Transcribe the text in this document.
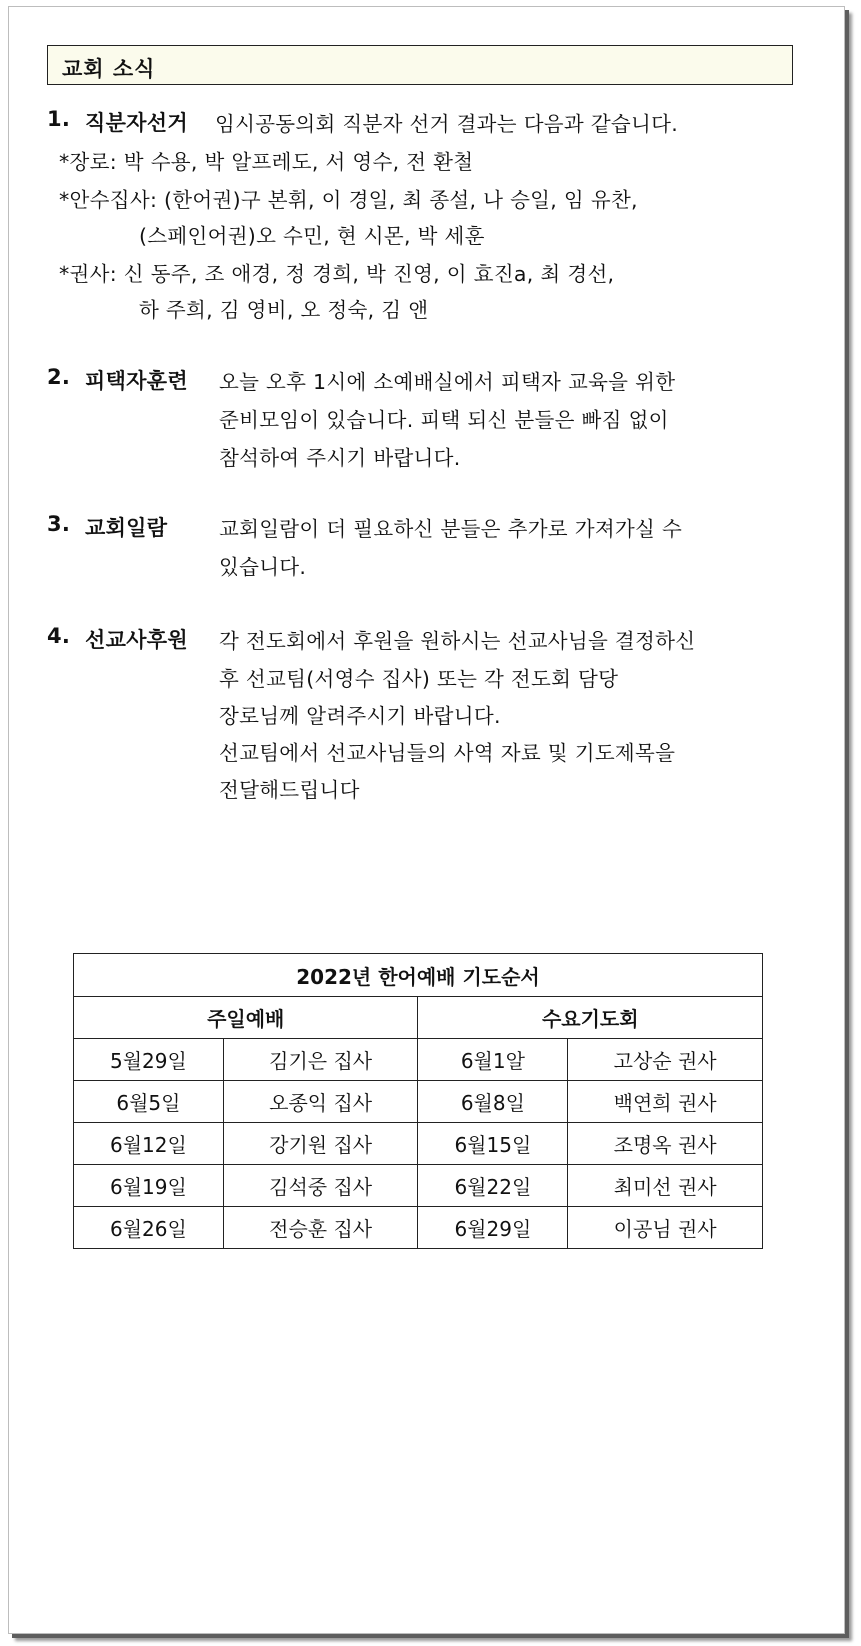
교회 소식
1. 직분자선거 임시공동의회 직분자 선거 결과는 다음과 같습니다.
*장로: 박 수용, 박 알프레도, 서 영수, 전 환철
*안수집사: (한어권)구 본휘, 이 경일, 최 종설, 나 승일, 임 유찬,
(스페인어권)오 수민, 현 시몬, 박 세훈
*권사: 신 동주, 조 애경, 정 경희, 박 진영, 이 효진a, 최 경선,
하 주희, 김 영비, 오 정숙, 김 앤
2. 피택자훈련 오늘 오후 1시에 소예배실에서 피택자 교육을 위한
준비모임이 있습니다. 피택 되신 분들은 빠짐 없이
참석하여 주시기 바랍니다.
3. 교회일람	교회일람이 더 필요하신 분들은 추가로 가져가실 수
있습니다.
4. 선교사후원 각 전도회에서 후원을 원하시는 선교사님을 결정하신
후 선교팀(서영수 집사) 또는 각 전도회 담당
장로님께 알려주시기 바랍니다.
선교팀에서 선교사님들의 사역 자료 및 기도제목을
전달해드립니다
2022년 한어예배 기도순서			
주일예배		수요기도회	
5월29일	김기은 집사	6월1알	고상순 권사
6월5일	오종익 집사	6월8일	백연희 권사
6월12일	강기원 집사	6월15일	조명옥 권사
6월19일	김석중 집사	6월22일	최미선 권사
6월26일	전승훈 집사	6월29일	이공님 권사
